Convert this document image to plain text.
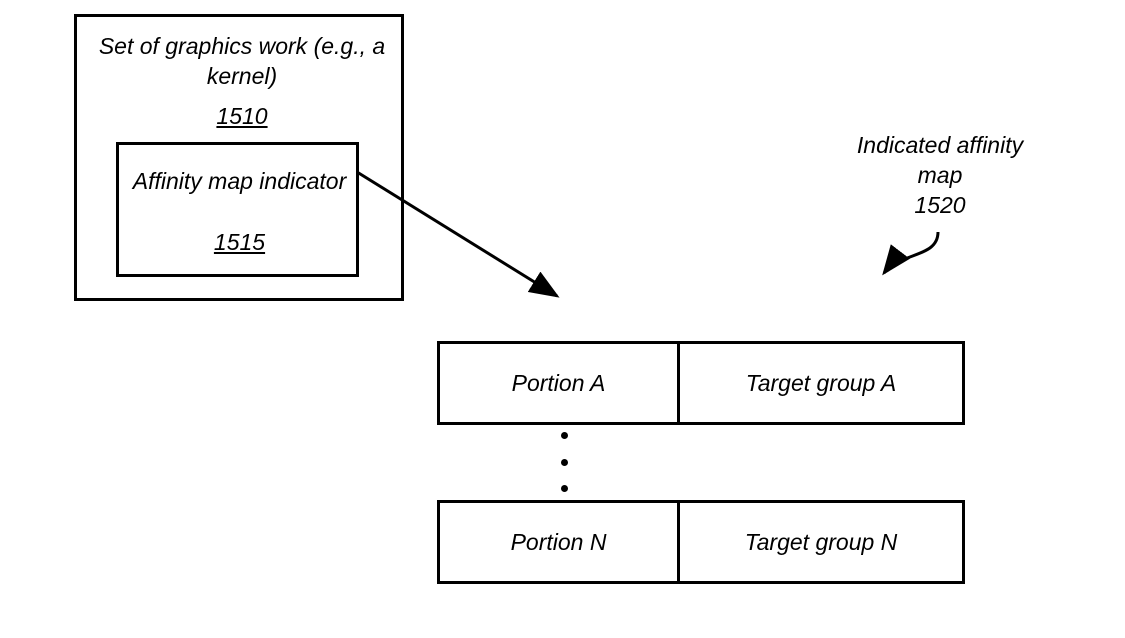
Set of graphics work (e.g., a kernel)
1510
Affinity map indicator
1515
Indicated affinity map
1520
Portion A	Target group A
Portion N	Target group N
